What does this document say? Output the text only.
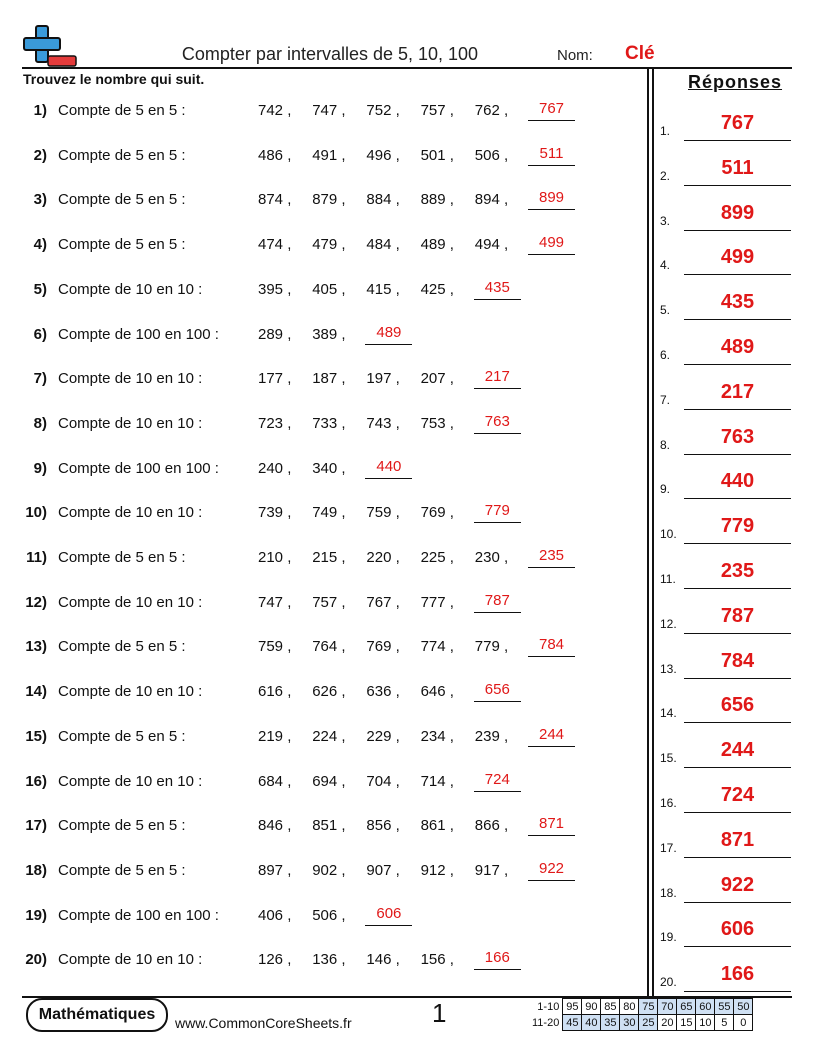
Compter par intervalles de 5, 10, 100	Nom: Clé
Trouvez le nombre qui suit.	Réponses
1) Compte de 5 en 5 :	742 , 747 , 752 , 757 , 762 ,	767
2) Compte de 5 en 5 :	486 , 491 , 496 , 501 , 506 ,	511
3) Compte de 5 en 5 :	874 , 879 , 884 , 889 , 894 ,	899
4) Compte de 5 en 5 :	474 , 479 , 484 , 489 , 494 ,	499
5) Compte de 10 en 10 :	395 , 405 , 415 , 425 ,	435
6) Compte de 100 en 100 :	289 , 389 ,	489
7) Compte de 10 en 10 :	177 , 187 , 197 , 207 ,	217
8) Compte de 10 en 10 :	723 , 733 , 743 , 753 ,	763
9) Compte de 100 en 100 :	240 , 340 ,	440
10) Compte de 10 en 10 :	739 , 749 , 759 , 769 ,	779
11) Compte de 5 en 5 :	210 , 215 , 220 , 225 , 230 ,	235
12) Compte de 10 en 10 :	747 , 757 , 767 , 777 ,	787
13) Compte de 5 en 5 :	759 , 764 , 769 , 774 , 779 ,	784
14) Compte de 10 en 10 :	616 , 626 , 636 , 646 ,	656
15) Compte de 5 en 5 :	219 , 224 , 229 , 234 , 239 ,	244
16) Compte de 10 en 10 :	684 , 694 , 704 , 714 ,	724
17) Compte de 5 en 5 :	846 , 851 , 856 , 861 , 866 ,	871
18) Compte de 5 en 5 :	897 , 902 , 907 , 912 , 917 ,	922
19) Compte de 100 en 100 :	406 , 506 ,	606
20) Compte de 10 en 10 :	126 , 136 , 146 , 156 ,	166
1.	767
2.	511
3.	899
4.	499
5.	435
6.	489
7.	217
8.	763
9.	440
10.	779
11.	235
12.	787
13.	784
14.	656
15.	244
16.	724
17.	871
18.	922
19.	606
20.	166
Mathématiques	www.CommonCoreSheets.fr	1	1-10	95	90	85	80	75	70	65	60	55	50
11-20	45	40	35	30	25	20	15	10	5	0
